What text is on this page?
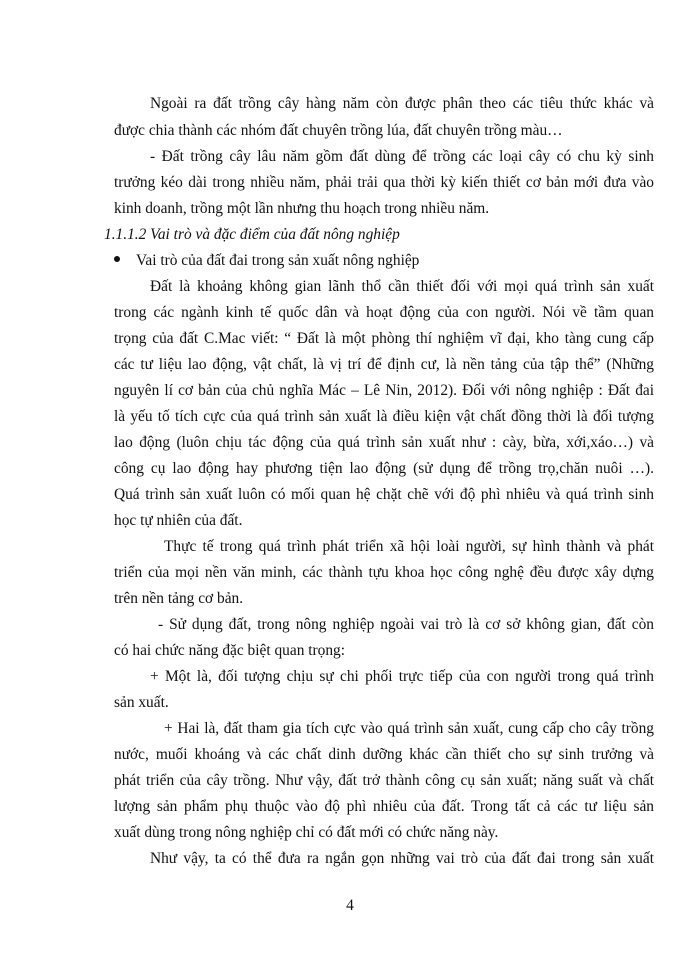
Ngoài ra đất trồng cây hàng năm còn được phân theo các tiêu thức khác và
được chia thành các nhóm đất chuyên trồng lúa, đất chuyên trồng màu…
- Đất trồng cây lâu năm gồm đất dùng để trồng các loại cây có chu kỳ sinh
trưởng kéo dài trong nhiều năm, phải trải qua thời kỳ kiến thiết cơ bản mới đưa vào
kinh doanh, trồng một lần nhưng thu hoạch trong nhiều năm.
1.1.1.2 Vai trò và đặc điểm của đất nông nghiệp
Vai trò của đất đai trong sản xuất nông nghiệp
Đất là khoảng không gian lãnh thổ cần thiết đối với mọi quá trình sản xuất
trong các ngành kinh tế quốc dân và hoạt động của con người. Nói về tầm quan
trọng của đất C.Mac viết: “ Đất là một phòng thí nghiệm vĩ đại, kho tàng cung cấp
các tư liệu lao động, vật chất, là vị trí để định cư, là nền tảng của tập thể” (Những
nguyên lí cơ bản của chủ nghĩa Mác – Lê Nin, 2012). Đối với nông nghiệp : Đất đai
là yếu tố tích cực của quá trình sản xuất là điều kiện vật chất đồng thời là đối tượng
lao động (luôn chịu tác động của quá trình sản xuất như : cày, bừa, xới,xáo…) và
công cụ lao động hay phương tiện lao động (sử dụng để trồng trọ,chăn nuôi …).
Quá trình sản xuất luôn có mối quan hệ chặt chẽ với độ phì nhiêu và quá trình sinh
học tự nhiên của đất.
Thực tế trong quá trình phát triển xã hội loài người, sự hình thành và phát
triển của mọi nền văn minh, các thành tựu khoa học công nghệ đều được xây dựng
trên nền tảng cơ bản.
- Sử dụng đất, trong nông nghiệp ngoài vai trò là cơ sở không gian, đất còn
có hai chức năng đặc biệt quan trọng:
+ Một là, đối tượng chịu sự chi phối trực tiếp của con người trong quá trình
sản xuất.
+ Hai là, đất tham gia tích cực vào quá trình sản xuất, cung cấp cho cây trồng
nước, muối khoáng và các chất dinh dưỡng khác cần thiết cho sự sinh trưởng và
phát triển của cây trồng. Như vậy, đất trở thành công cụ sản xuất; năng suất và chất
lượng sản phẩm phụ thuộc vào độ phì nhiêu của đất. Trong tất cả các tư liệu sản
xuất dùng trong nông nghiệp chỉ có đất mới có chức năng này.
Như vậy, ta có thể đưa ra ngắn gọn những vai trò của đất đai trong sản xuất
4
